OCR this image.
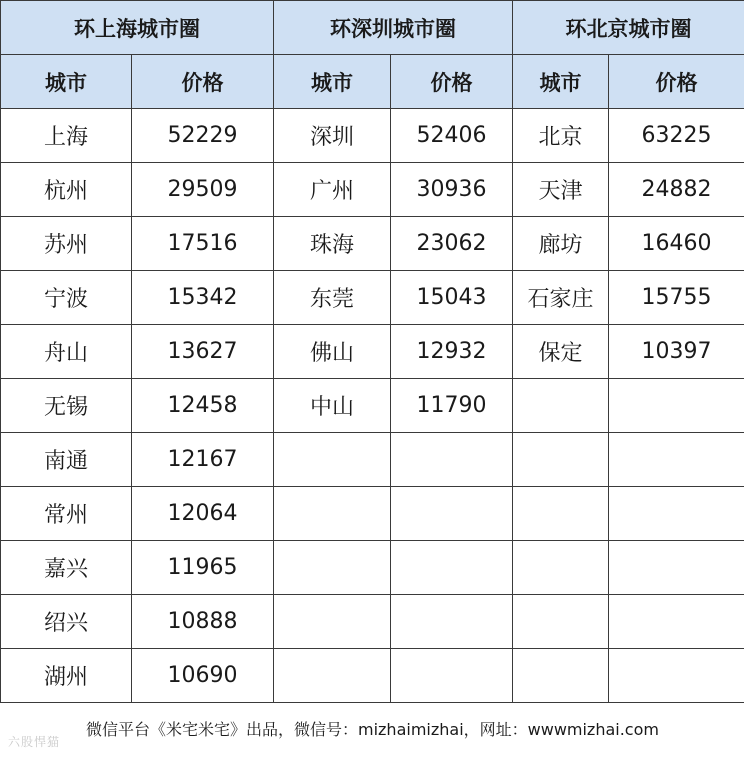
环上海城市圈		环深圳城市圈		环北京城市圈	
城市	价格	城市	价格	城市	价格
上海	52229	深圳	52406	北京	63225
杭州	29509	广州	30936	天津	24882
苏州	17516	珠海	23062	廊坊	16460
宁波	15342	东莞	15043	石家庄	15755
舟山	13627	佛山	12932	保定	10397
无锡	12458	中山	11790		
南通	12167				
常州	12064				
嘉兴	11965				
绍兴	10888				
湖州	10690				
微信平台《米宅米宅》出品，微信号：mizhaimizhai，网址：wwwmizhai.com					
六股悍猫
